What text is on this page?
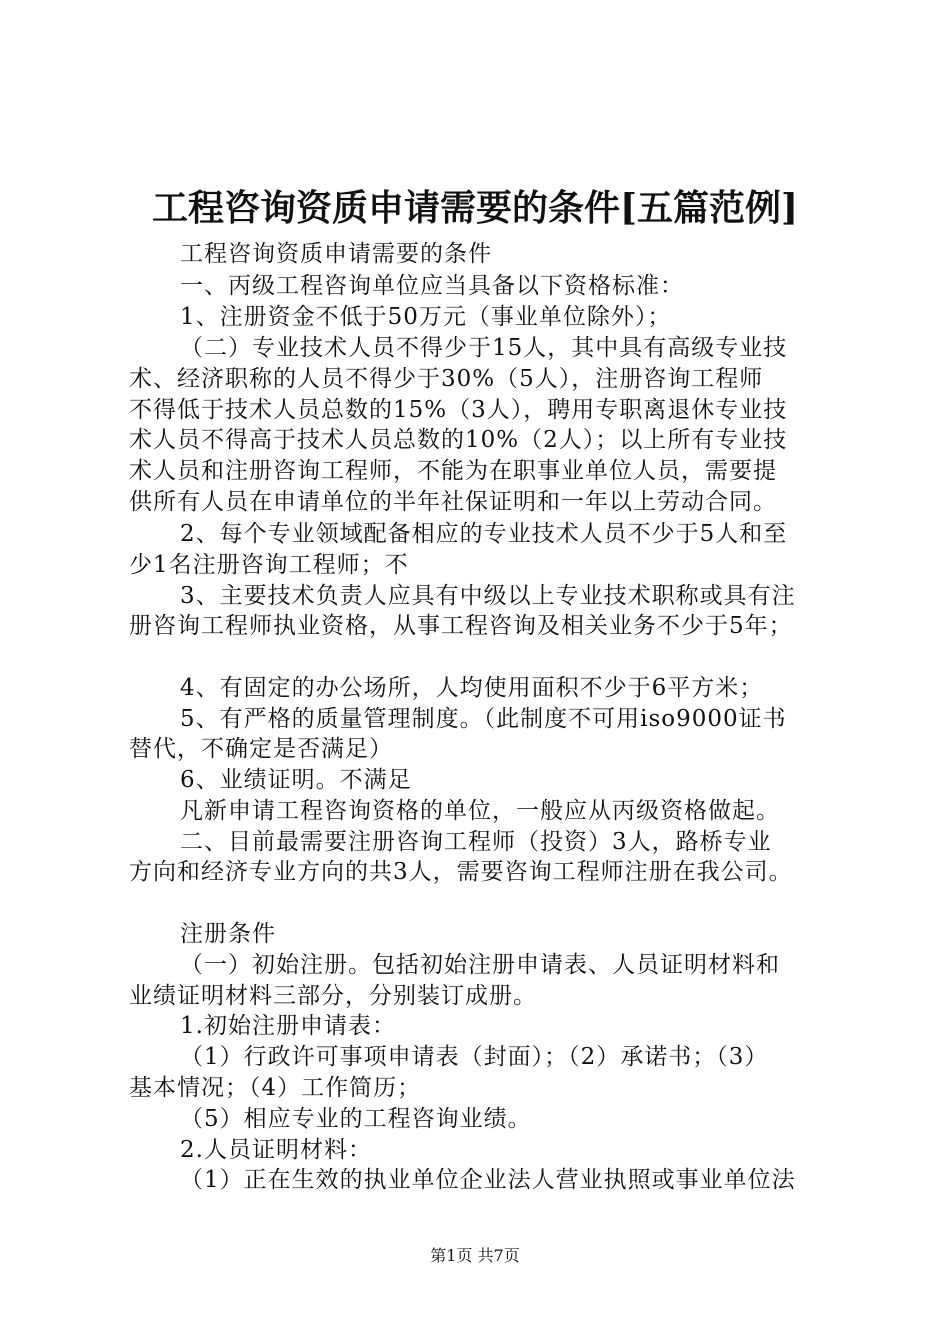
工程咨询资质申请需要的条件[五篇范例]
工程咨询资质申请需要的条件
一、丙级工程咨询单位应当具备以下资格标准：
1、注册资金不低于50万元（事业单位除外）；
（二）专业技术人员不得少于15人，其中具有高级专业技
术、经济职称的人员不得少于30%（5人），注册咨询工程师
不得低于技术人员总数的15%（3人），聘用专职离退休专业技
术人员不得高于技术人员总数的10%（2人）；以上所有专业技
术人员和注册咨询工程师，不能为在职事业单位人员，需要提
供所有人员在申请单位的半年社保证明和一年以上劳动合同。
2、每个专业领域配备相应的专业技术人员不少于5人和至
少1名注册咨询工程师；不
3、主要技术负责人应具有中级以上专业技术职称或具有注
册咨询工程师执业资格，从事工程咨询及相关业务不少于5年；
4、有固定的办公场所，人均使用面积不少于6平方米；
5、有严格的质量管理制度。（此制度不可用iso9000证书
替代，不确定是否满足）
6、业绩证明。不满足
凡新申请工程咨询资格的单位，一般应从丙级资格做起。
二、目前最需要注册咨询工程师（投资）3人，路桥专业
方向和经济专业方向的共3人，需要咨询工程师注册在我公司。
注册条件
（一）初始注册。包括初始注册申请表、人员证明材料和
业绩证明材料三部分，分别装订成册。
1.初始注册申请表：
（1）行政许可事项申请表（封面）；（2）承诺书；（3）
基本情况；（4）工作简历；
（5）相应专业的工程咨询业绩。
2.人员证明材料：
（1）正在生效的执业单位企业法人营业执照或事业单位法
第1页 共7页
